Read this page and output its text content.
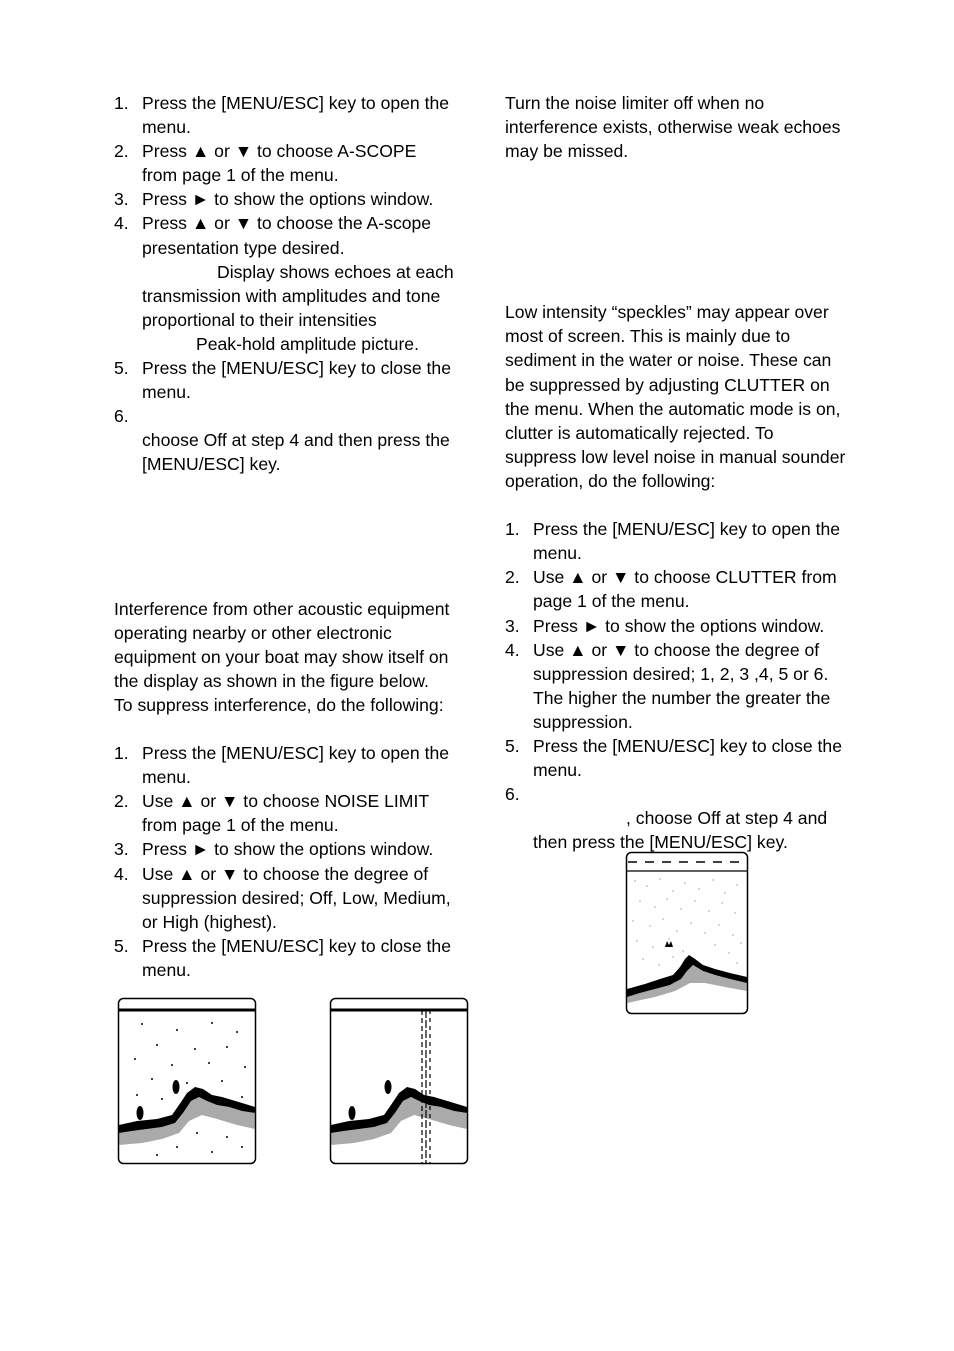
1. Press the [MENU/ESC] key to open the
menu.
2. Press ▲ or ▼ to choose A-SCOPE
from page 1 of the menu.
3. Press ► to show the options window.
4. Press ▲ or ▼ to choose the A-scope
presentation type desired.
Display shows echoes at each
transmission with amplitudes and tone
proportional to their intensities
Peak-hold amplitude picture.
5. Press the [MENU/ESC] key to close the
menu.
6.

choose Off at step 4 and then press the
[MENU/ESC] key.

Interference from other acoustic equipment

operating nearby or other electronic

equipment on your boat may show itself on

the display as shown in the figure below.

To suppress interference, do the following:

1. Press the [MENU/ESC] key to open the
menu.
2. Use ▲ or ▼ to choose NOISE LIMIT
from page 1 of the menu.
3. Press ► to show the options window.
4. Use ▲ or ▼ to choose the degree of
suppression desired; Off, Low, Medium,
or High (highest).
5. Press the [MENU/ESC] key to close the
menu.

Turn the noise limiter off when no

interference exists, otherwise weak echoes

may be missed.

Low intensity “speckles” may appear over

most of screen. This is mainly due to

sediment in the water or noise. These can

be suppressed by adjusting CLUTTER on

the menu. When the automatic mode is on,

clutter is automatically rejected. To

suppress low level noise in manual sounder

operation, do the following:

1. Press the [MENU/ESC] key to open the
menu.
2. Use ▲ or ▼ to choose CLUTTER from
page 1 of the menu.
3. Press ► to show the options window.
4. Use ▲ or ▼ to choose the degree of
suppression desired; 1, 2, 3 ,4, 5 or 6.
The higher the number the greater the
suppression.
5. Press the [MENU/ESC] key to close the
menu.
6.

, choose Off at step 4 and
then press the [MENU/ESC] key.
